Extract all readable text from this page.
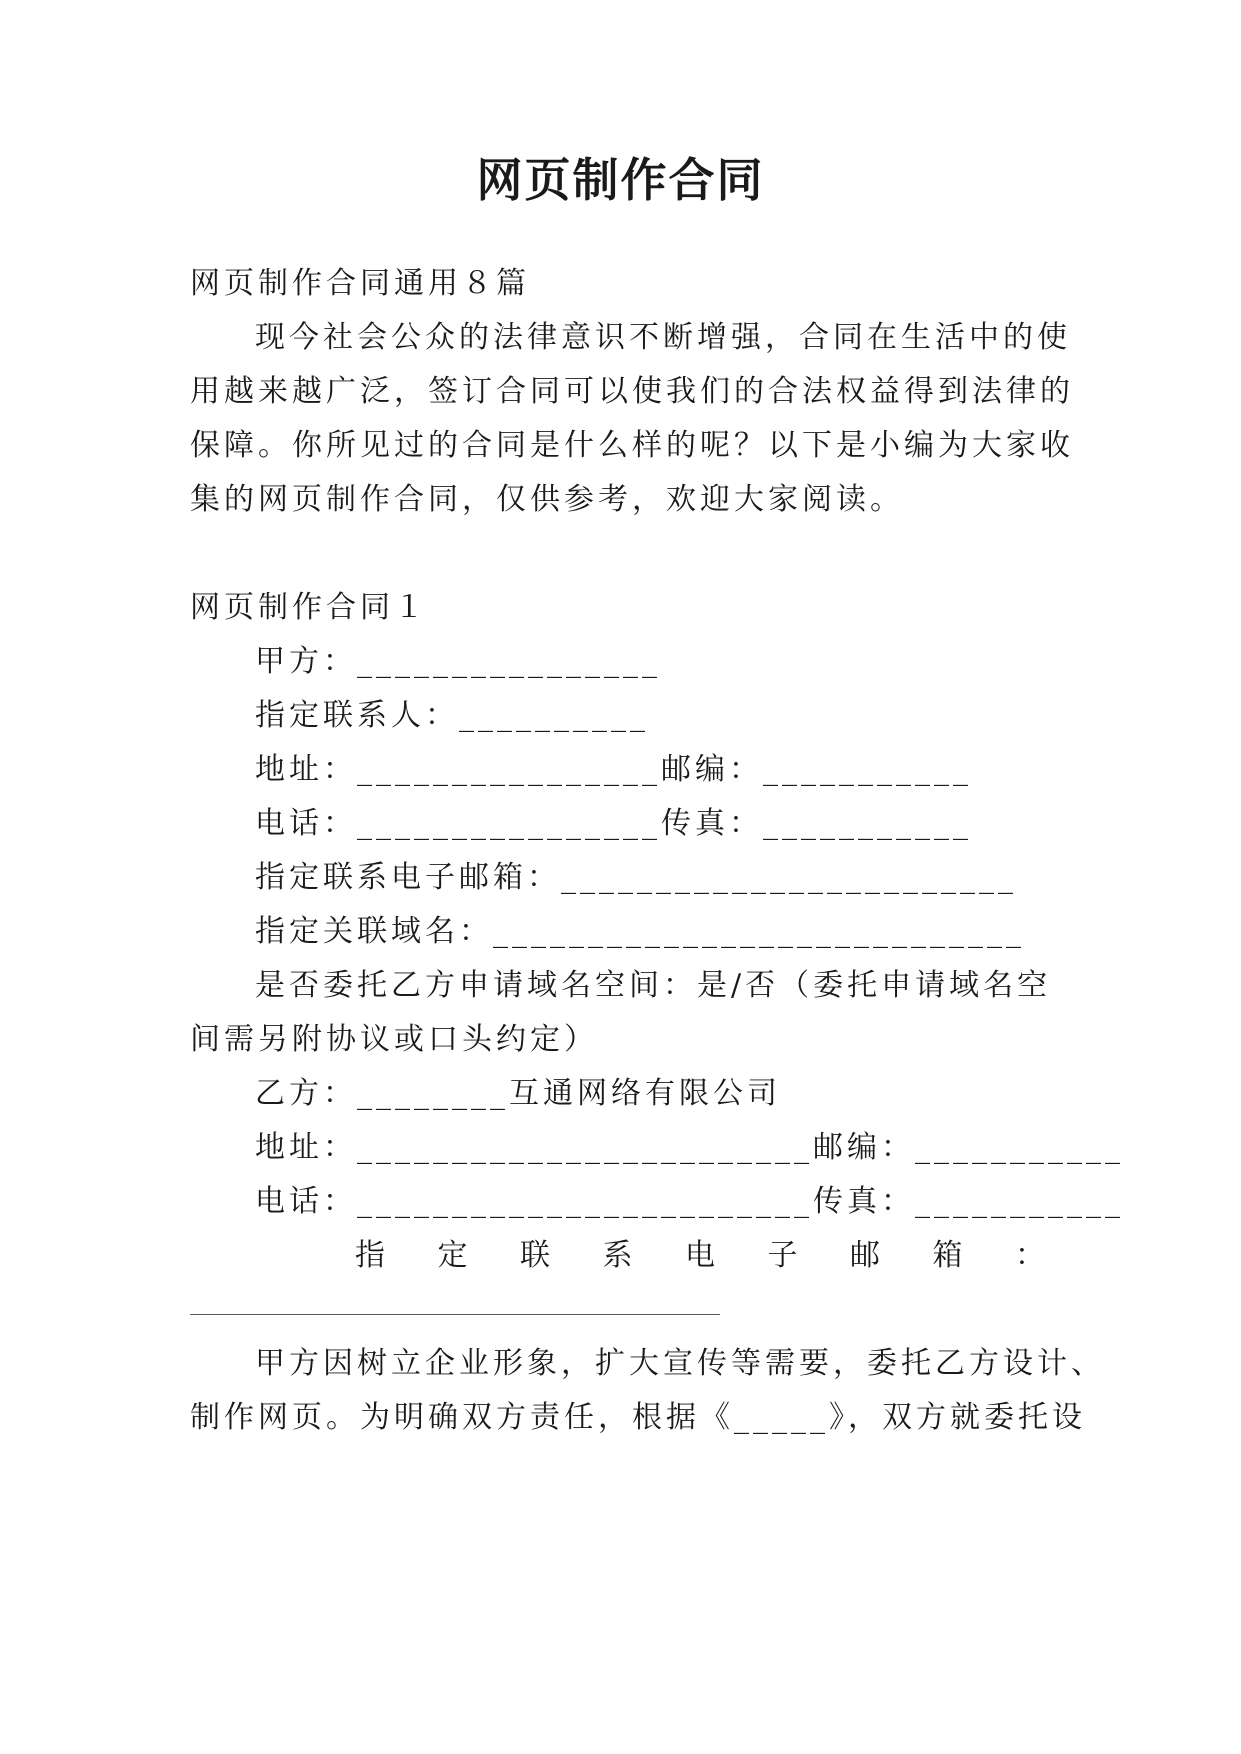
网页制作合同
网页制作合同通用８篇
现今社会公众的法律意识不断增强，合同在生活中的使
用越来越广泛，签订合同可以使我们的合法权益得到法律的
保障。你所见过的合同是什么样的呢？以下是小编为大家收
集的网页制作合同，仅供参考，欢迎大家阅读。
网页制作合同１
甲方：________________
指定联系人：__________
地址：________________邮编：___________
电话：________________传真：___________
指定联系电子邮箱：________________________
指定关联域名：____________________________
是否委托乙方申请域名空间：是/否（委托申请域名空
间需另附协议或口头约定）
乙方：________互通网络有限公司
地址：________________________邮编：___________
电话：________________________传真：___________
指 定 联 系 电 子 邮 箱 ：
甲方因树立企业形象，扩大宣传等需要，委托乙方设计、
制作网页。为明确双方责任，根据《_____》，双方就委托设
